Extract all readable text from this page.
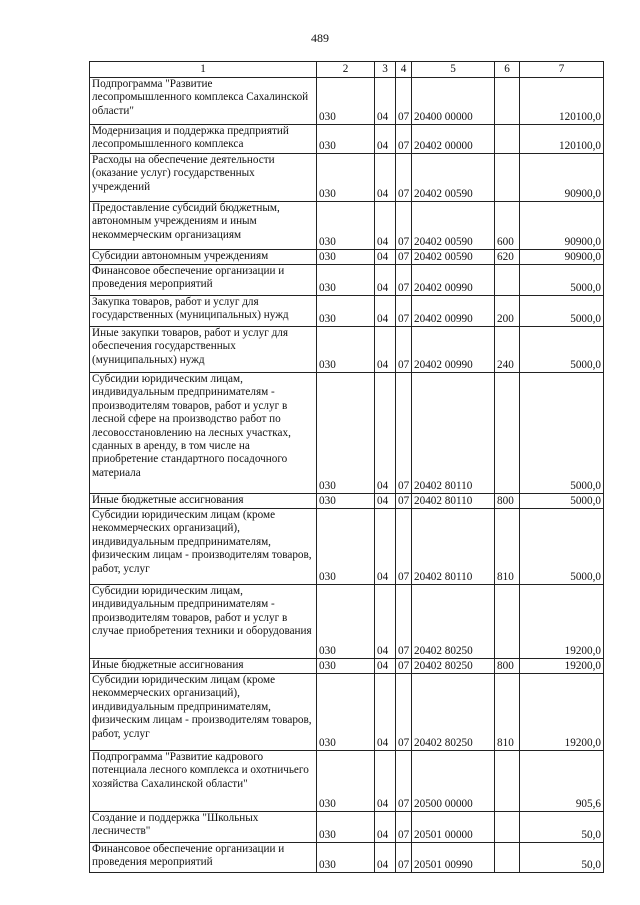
489
1	2	3	4	5	6	7
Подпрограмма "Развитие лесопромышленного комплекса Сахалинской области"	030	04	07	20400 00000		120100,0
Модернизация и поддержка предприятий лесопромышленного комплекса	030	04	07	20402 00000		120100,0
Расходы на обеспечение деятельности (оказание услуг) государственных учреждений	030	04	07	20402 00590		90900,0
Предоставление субсидий бюджетным, автономным учреждениям и иным некоммерческим организациям	030	04	07	20402 00590	600	90900,0
Субсидии автономным учреждениям	030	04	07	20402 00590	620	90900,0
Финансовое обеспечение организации и проведения мероприятий	030	04	07	20402 00990		5000,0
Закупка товаров, работ и услуг для государственных (муниципальных) нужд	030	04	07	20402 00990	200	5000,0
Иные закупки товаров, работ и услуг для обеспечения государственных (муниципальных) нужд	030	04	07	20402 00990	240	5000,0
Субсидии юридическим лицам, индивидуальным предпринимателям - производителям товаров, работ и услуг в лесной сфере на производство работ по лесовосстановлению на лесных участках, сданных в аренду, в том числе на приобретение стандартного посадочного материала	030	04	07	20402 80110		5000,0
Иные бюджетные ассигнования	030	04	07	20402 80110	800	5000,0
Субсидии юридическим лицам (кроме некоммерческих организаций), индивидуальным предпринимателям, физическим лицам - производителям товаров, работ, услуг	030	04	07	20402 80110	810	5000,0
Субсидии юридическим лицам, индивидуальным предпринимателям - производителям товаров, работ и услуг в случае приобретения техники и оборудования	030	04	07	20402 80250		19200,0
Иные бюджетные ассигнования	030	04	07	20402 80250	800	19200,0
Субсидии юридическим лицам (кроме некоммерческих организаций), индивидуальным предпринимателям, физическим лицам - производителям товаров, работ, услуг	030	04	07	20402 80250	810	19200,0
Подпрограмма "Развитие кадрового потенциала лесного комплекса и охотничьего хозяйства Сахалинской области"	030	04	07	20500 00000		905,6
Создание и поддержка "Школьных лесничеств"	030	04	07	20501 00000		50,0
Финансовое обеспечение организации и проведения мероприятий	030	04	07	20501 00990		50,0
